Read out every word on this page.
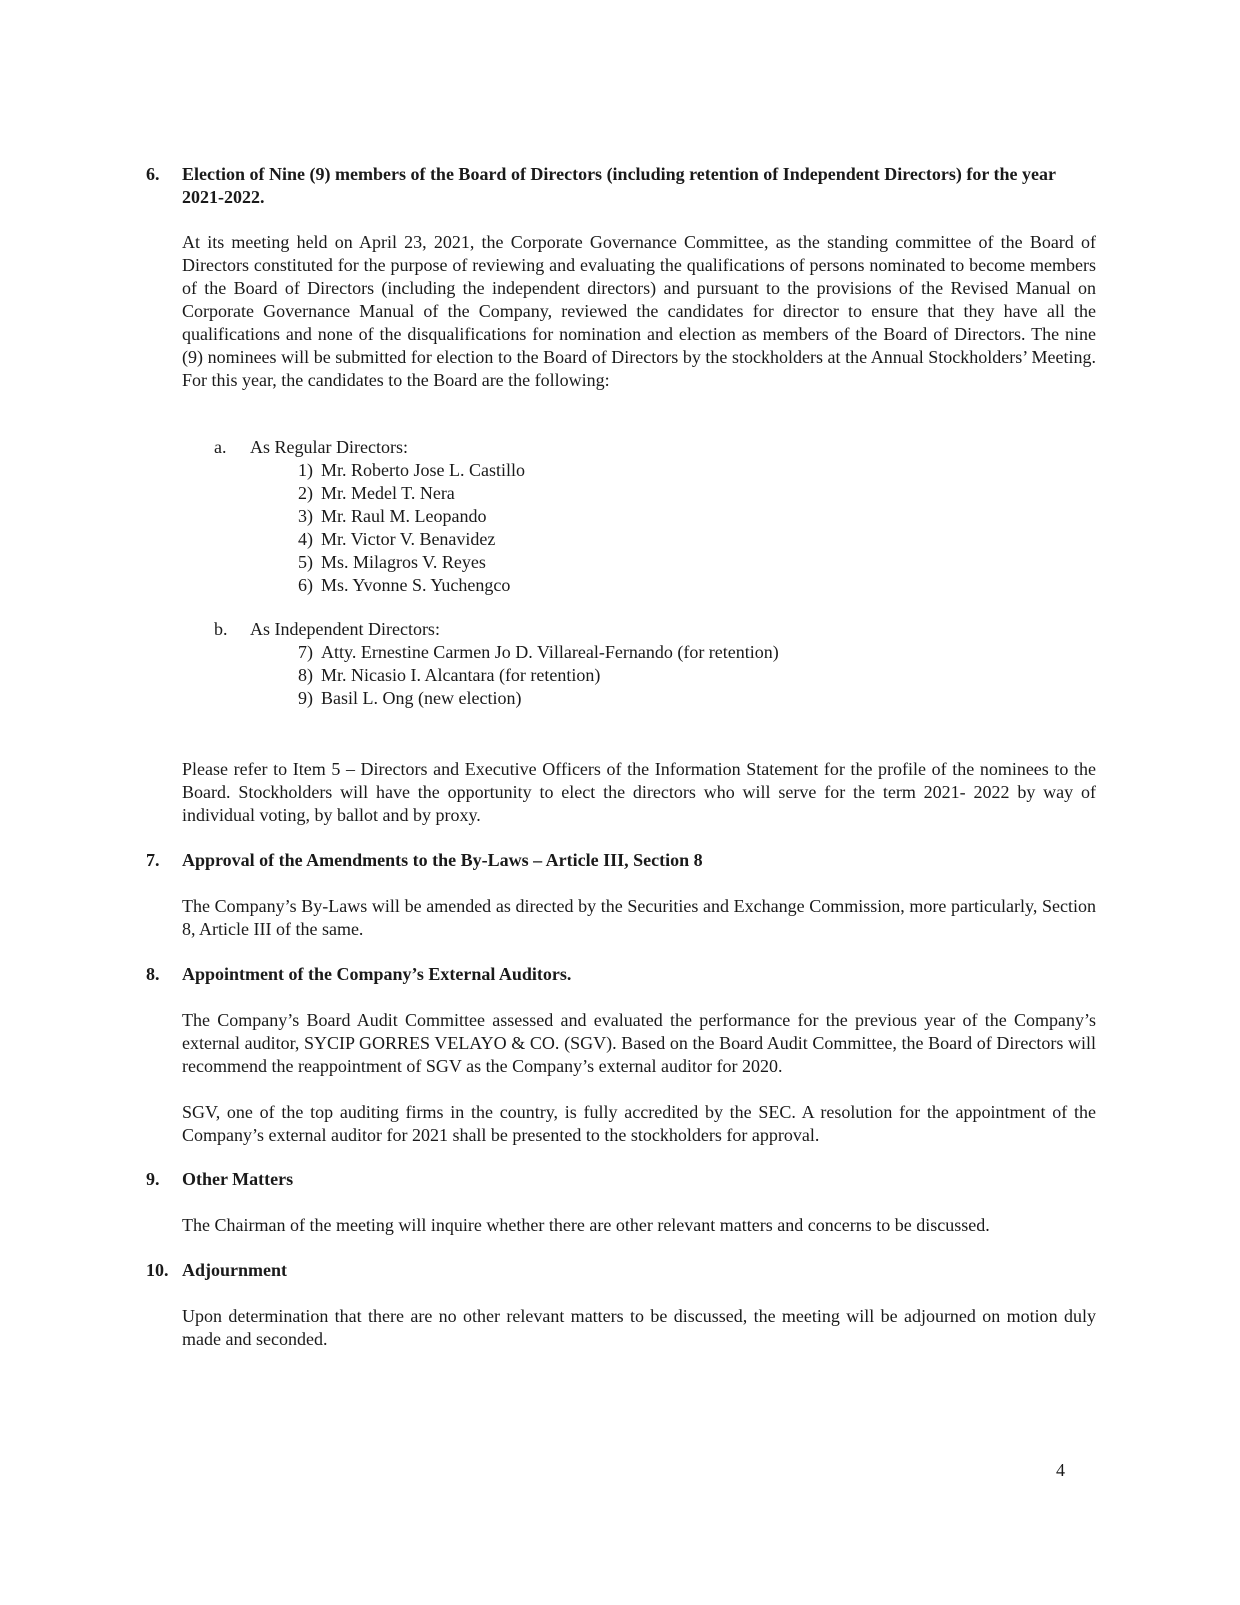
6.	Election of Nine (9) members of the Board of Directors (including retention of Independent Directors) for the year 2021-2022.

At its meeting held on April 23, 2021, the Corporate Governance Committee, as the standing committee of the Board of Directors constituted for the purpose of reviewing and evaluating the qualifications of persons nominated to become members of the Board of Directors (including the independent directors) and pursuant to the provisions of the Revised Manual on Corporate Governance Manual of the Company, reviewed the candidates for director to ensure that they have all the qualifications and none of the disqualifications for nomination and election as members of the Board of Directors. The nine (9) nominees will be submitted for election to the Board of Directors by the stockholders at the Annual Stockholders’ Meeting. For this year, the candidates to the Board are the following:

a. As Regular Directors:
1) Mr. Roberto Jose L. Castillo
2) Mr. Medel T. Nera
3) Mr. Raul M. Leopando
4) Mr. Victor V. Benavidez
5) Ms. Milagros V. Reyes
6) Ms. Yvonne S. Yuchengco
b. As Independent Directors:
7) Atty. Ernestine Carmen Jo D. Villareal-Fernando (for retention)
8) Mr. Nicasio I. Alcantara (for retention)
9) Basil L. Ong (new election)

Please refer to Item 5 – Directors and Executive Officers of the Information Statement for the profile of the nominees to the Board. Stockholders will have the opportunity to elect the directors who will serve for the term 2021- 2022 by way of individual voting, by ballot and by proxy.

7.	Approval of the Amendments to the By-Laws – Article III, Section 8

The Company’s By-Laws will be amended as directed by the Securities and Exchange Commission, more particularly, Section 8, Article III of the same.

8.	Appointment of the Company’s External Auditors.

The Company’s Board Audit Committee assessed and evaluated the performance for the previous year of the Company’s external auditor, SYCIP GORRES VELAYO & CO. (SGV). Based on the Board Audit Committee, the Board of Directors will recommend the reappointment of SGV as the Company’s external auditor for 2020.

SGV, one of the top auditing firms in the country, is fully accredited by the SEC. A resolution for the appointment of the Company’s external auditor for 2021 shall be presented to the stockholders for approval.

9.	Other Matters

The Chairman of the meeting will inquire whether there are other relevant matters and concerns to be discussed.

10. Adjournment

Upon determination that there are no other relevant matters to be discussed, the meeting will be adjourned on motion duly made and seconded.

4
